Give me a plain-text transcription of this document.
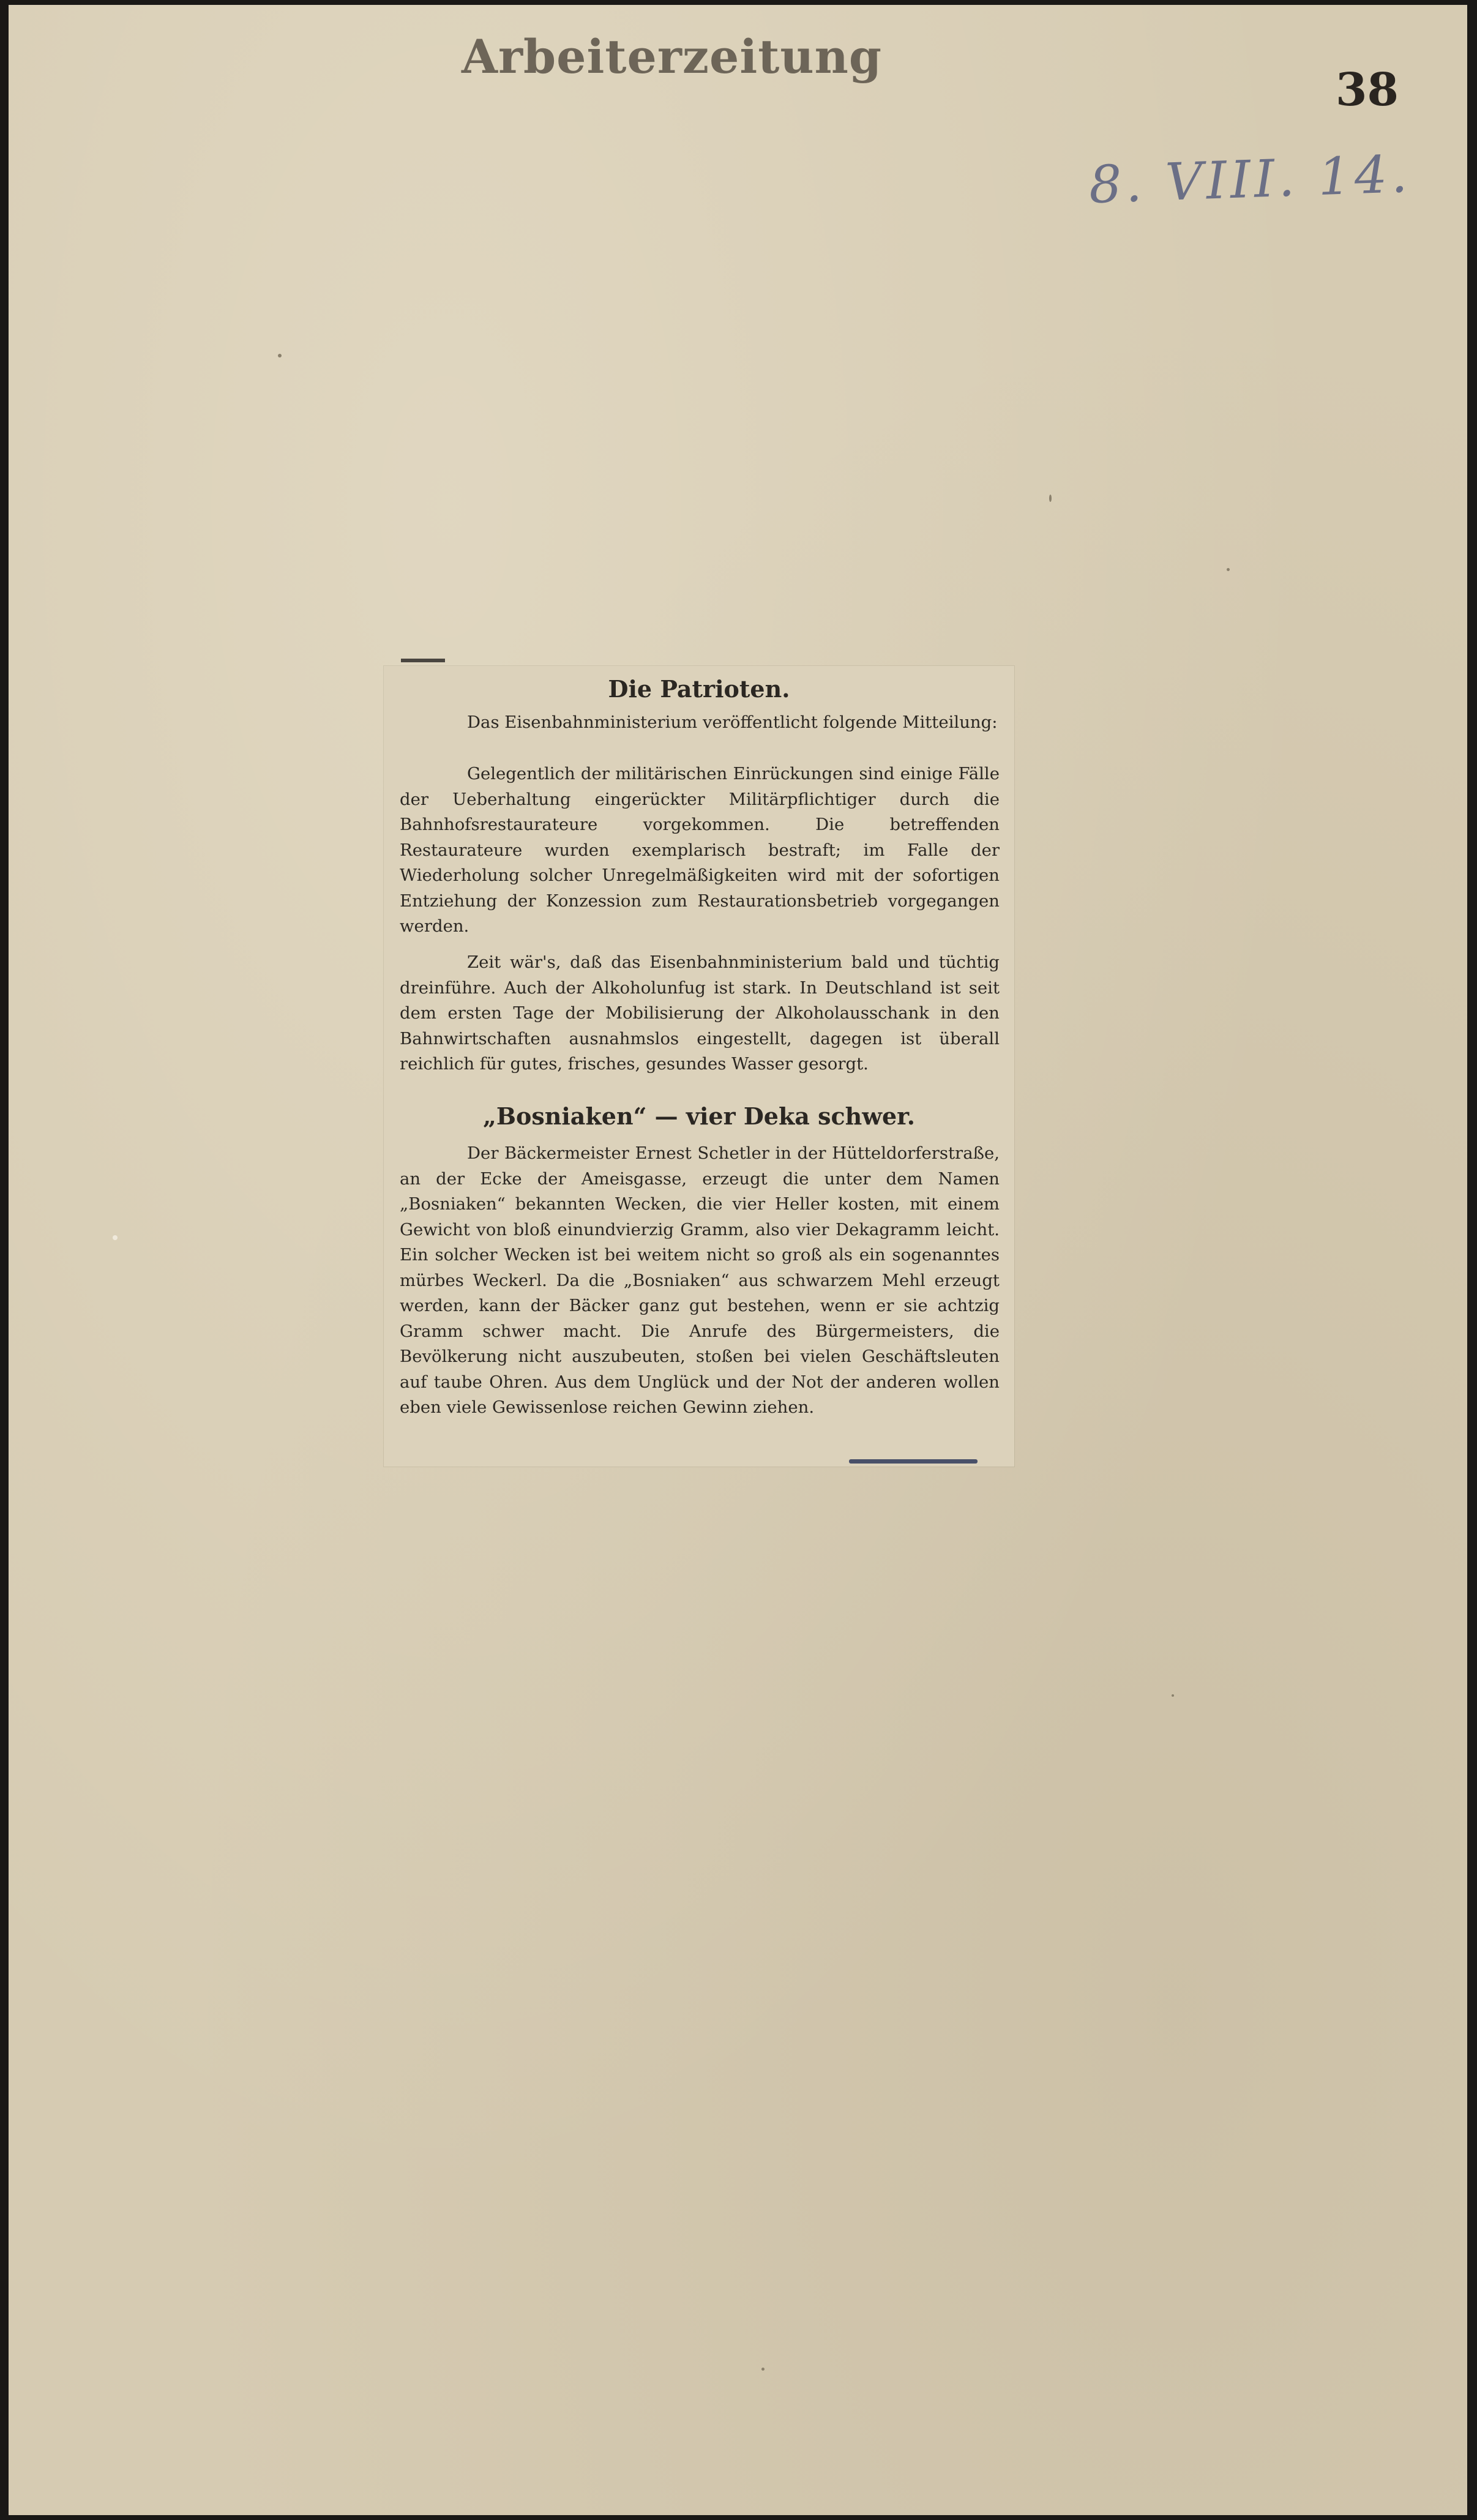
Arbeiterzeitung
38
8. VIII. 14.
Die Patrioten.

Das Eisenbahnministerium veröffentlicht folgende Mitteilung:

Gelegentlich der militärischen Einrückungen sind einige Fälle der Ueberhaltung eingerückter Militärpflichtiger durch die Bahnhofsrestaurateure vorgekommen. Die betreffenden Restaurateure wurden exemplarisch bestraft; im Falle der Wiederholung solcher Unregelmäßigkeiten wird mit der sofortigen Entziehung der Konzession zum Restaurationsbetrieb vorgegangen werden.

Zeit wär's, daß das Eisenbahnministerium bald und tüchtig dreinführe. Auch der Alkoholunfug ist stark. In Deutschland ist seit dem ersten Tage der Mobilisierung der Alkoholausschank in den Bahnwirtschaften ausnahmslos eingestellt, dagegen ist überall reichlich für gutes, frisches, gesundes Wasser gesorgt.

„Bosniaken“ — vier Deka schwer.

Der Bäckermeister Ernest Schetler in der Hütteldorferstraße, an der Ecke der Ameisgasse, erzeugt die unter dem Namen „Bosniaken“ bekannten Wecken, die vier Heller kosten, mit einem Gewicht von bloß einundvierzig Gramm, also vier Dekagramm leicht. Ein solcher Wecken ist bei weitem nicht so groß als ein sogenanntes mürbes Weckerl. Da die „Bosniaken“ aus schwarzem Mehl erzeugt werden, kann der Bäcker ganz gut bestehen, wenn er sie achtzig Gramm schwer macht. Die Anrufe des Bürgermeisters, die Bevölkerung nicht auszubeuten, stoßen bei vielen Geschäftsleuten auf taube Ohren. Aus dem Unglück und der Not der anderen wollen eben viele Gewissenlose reichen Gewinn ziehen.
